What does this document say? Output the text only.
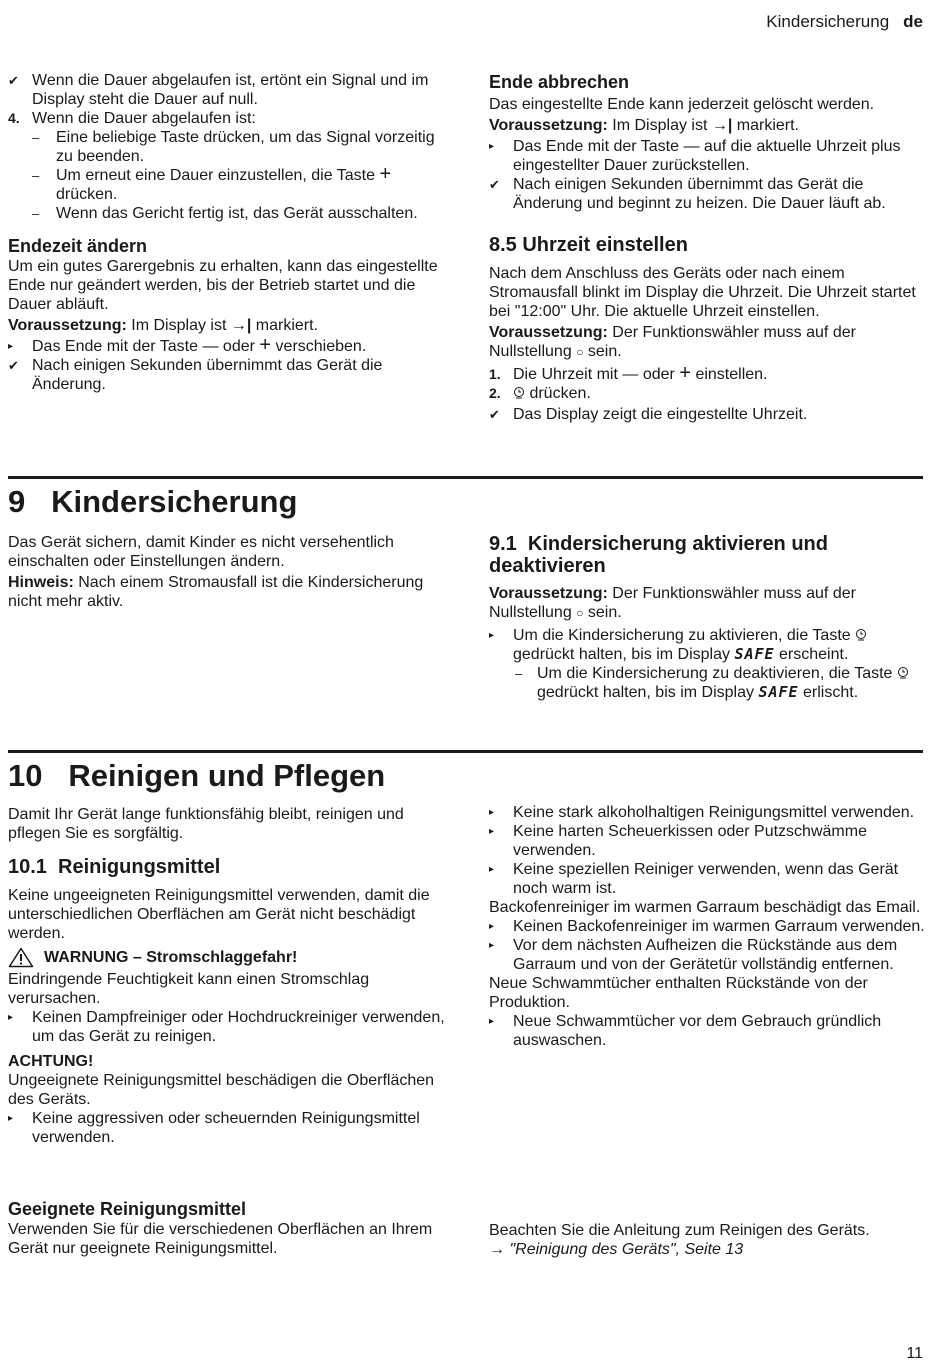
Kindersicherung de
✔ Wenn die Dauer abgelaufen ist, ertönt ein Signal und im Display steht die Dauer auf null.
4. Wenn die Dauer abgelaufen ist:
–	Eine beliebige Taste drücken, um das Signal vorzeitig zu beenden.
–	Um erneut eine Dauer einzustellen, die Taste + drücken.
–	Wenn das Gericht fertig ist, das Gerät ausschalten.

Endezeit ändern

Um ein gutes Garergebnis zu erhalten, kann das eingestellte Ende nur geändert werden, bis der Betrieb startet und die Dauer abläuft.

Voraussetzung: Im Display ist →| markiert.

▸	Das Ende mit der Taste — oder + verschieben.
✔ Nach einigen Sekunden übernimmt das Gerät die Änderung.

Ende abbrechen

Das eingestellte Ende kann jederzeit gelöscht werden.

Voraussetzung: Im Display ist →| markiert.

▸	Das Ende mit der Taste — auf die aktuelle Uhrzeit plus eingestellter Dauer zurückstellen.
✔ Nach einigen Sekunden übernimmt das Gerät die Änderung und beginnt zu heizen. Die Dauer läuft ab.

8.5 Uhrzeit einstellen

Nach dem Anschluss des Geräts oder nach einem Stromausfall blinkt im Display die Uhrzeit. Die Uhrzeit startet bei "12:00" Uhr. Die aktuelle Uhrzeit einstellen.

Voraussetzung: Der Funktionswähler muss auf der Nullstellung ○ sein.

1. Die Uhrzeit mit — oder + einstellen.
2.	drücken.
✔ Das Display zeigt die eingestellte Uhrzeit.

9   Kindersicherung

Das Gerät sichern, damit Kinder es nicht versehentlich einschalten oder Einstellungen ändern.

Hinweis: Nach einem Stromausfall ist die Kindersicherung nicht mehr aktiv.

9.1  Kindersicherung aktivieren und deaktivieren

Voraussetzung: Der Funktionswähler muss auf der Nullstellung ○ sein.

▸	Um die Kindersicherung zu aktivieren, die Taste  gedrückt halten, bis im Display SAFE erscheint.
– Um die Kindersicherung zu deaktivieren, die Taste  gedrückt halten, bis im Display SAFE erlischt.

10   Reinigen und Pflegen

Damit Ihr Gerät lange funktionsfähig bleibt, reinigen und pflegen Sie es sorgfältig.

10.1  Reinigungsmittel

Keine ungeeigneten Reinigungsmittel verwenden, damit die unterschiedlichen Oberflächen am Gerät nicht beschädigt werden.

WARNUNG – Stromschlaggefahr!

Eindringende Feuchtigkeit kann einen Stromschlag verursachen.

▸	Keinen Dampfreiniger oder Hochdruckreiniger verwenden, um das Gerät zu reinigen.

ACHTUNG!

Ungeeignete Reinigungsmittel beschädigen die Oberflächen des Geräts.

▸	Keine aggressiven oder scheuernden Reinigungsmittel verwenden.
▸	Keine stark alkoholhaltigen Reinigungsmittel verwenden.
▸	Keine harten Scheuerkissen oder Putzschwämme verwenden.
▸	Keine speziellen Reiniger verwenden, wenn das Gerät noch warm ist.

Backofenreiniger im warmen Garraum beschädigt das Email.

▸	Keinen Backofenreiniger im warmen Garraum verwenden.
▸	Vor dem nächsten Aufheizen die Rückstände aus dem Garraum und von der Gerätetür vollständig entfernen.

Neue Schwammtücher enthalten Rückstände von der Produktion.

▸	Neue Schwammtücher vor dem Gebrauch gründlich auswaschen.

Geeignete Reinigungsmittel

Verwenden Sie für die verschiedenen Oberflächen an Ihrem Gerät nur geeignete Reinigungsmittel.

Beachten Sie die Anleitung zum Reinigen des Geräts.

→ "Reinigung des Geräts", Seite 13

11
